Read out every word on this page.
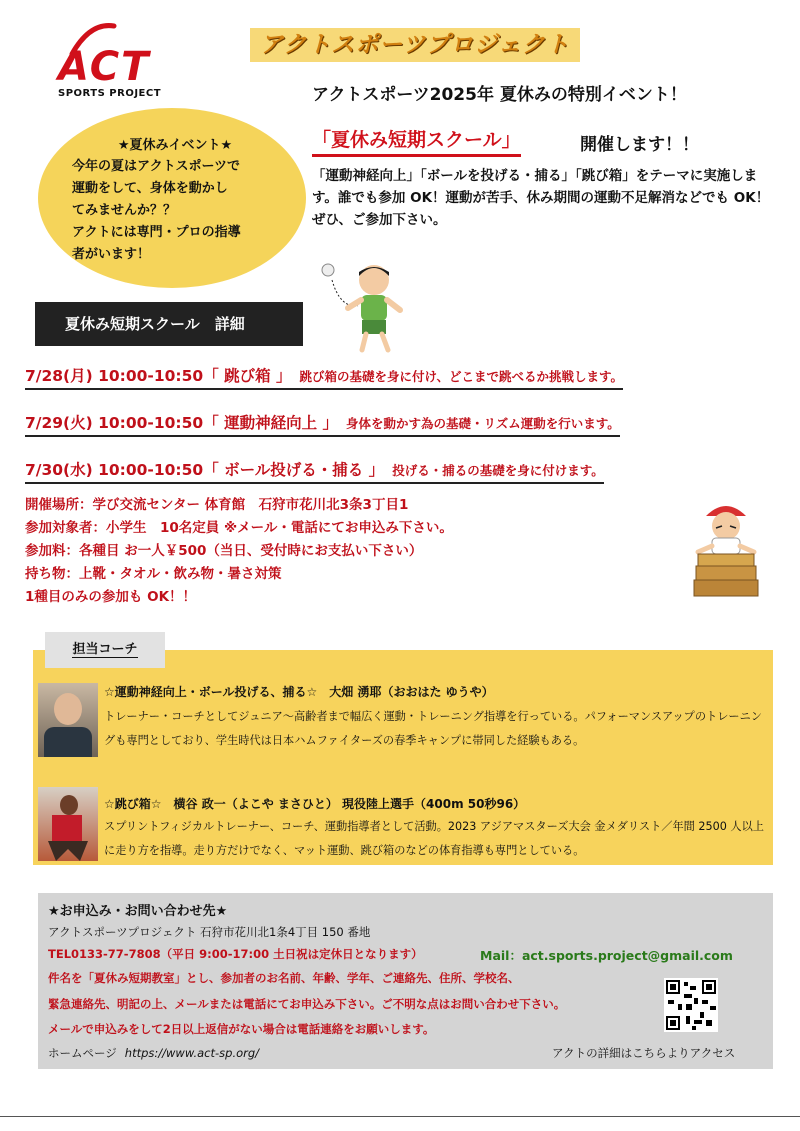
ACT
SPORTS PROJECT
アクトスポーツプロジェクト
アクトスポーツ2025年 夏休みの特別イベント！
「夏休み短期スクール」	開催します！！
「運動神経向上」「ボールを投げる・捕る」「跳び箱」をテーマに実施します。誰でも参加 OK！運動が苦手、休み期間の運動不足解消などでも OK！ぜひ、ご参加下さい。
★夏休みイベント★
今年の夏はアクトスポーツで
運動をして、身体を動かし
てみませんか？？
アクトには専門・プロの指導
者がいます！
夏休み短期スクール　詳細
7/28(月) 10:00-10:50「 跳び箱 」 跳び箱の基礎を身に付け、どこまで跳べるか挑戦します。
7/29(火) 10:00-10:50「 運動神経向上 」 身体を動かす為の基礎・リズム運動を行います。
7/30(水) 10:00-10:50「 ボール投げる・捕る 」 投げる・捕るの基礎を身に付けます。
開催場所：学び交流センター 体育館　石狩市花川北3条3丁目1
参加対象者：小学生　10名定員 ※メール・電話にてお申込み下さい。
参加料：各種目 お一人￥500（当日、受付時にお支払い下さい）
持ち物：上靴・タオル・飲み物・暑さ対策
1種目のみの参加も OK！！
担当コーチ
☆運動神経向上・ボール投げる、捕る☆　大畑 湧耶（おおはた ゆうや）
トレーナー・コーチとしてジュニア～高齢者まで幅広く運動・トレーニング指導を行っている。パフォーマンスアップのトレーニングも専門としており、学生時代は日本ハムファイターズの春季キャンプに帯同した経験もある。
☆跳び箱☆　横谷 政一（よこや まさひと） 現役陸上選手（400m 50秒96）
スプリントフィジカルトレーナー、コーチ、運動指導者として活動。2023 アジアマスターズ大会 金メダリスト／年間 2500 人以上に走り方を指導。走り方だけでなく、マット運動、跳び箱のなどの体育指導も専門としている。
★お申込み・お問い合わせ先★
アクトスポーツプロジェクト 石狩市花川北1条4丁目 150 番地
TEL0133-77-7808（平日 9:00-17:00 土日祝は定休日となります）	Mail：act.sports.project@gmail.com
件名を「夏休み短期教室」とし、参加者のお名前、年齢、学年、ご連絡先、住所、学校名、
緊急連絡先、明記の上、メールまたは電話にてお申込み下さい。ご不明な点はお問い合わせ下さい。
メールで申込みをして2日以上返信がない場合は電話連絡をお願いします。
ホームページ https://www.act-sp.org/	アクトの詳細はこちらよりアクセス
